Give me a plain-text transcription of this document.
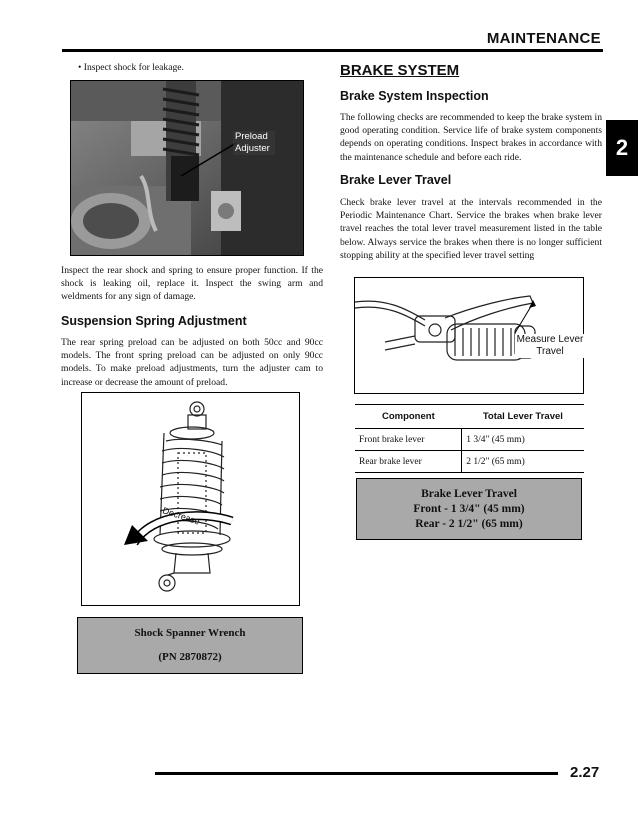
MAINTENANCE
2
• Inspect shock for leakage.
Preload Adjuster
Inspect the rear shock and spring to ensure proper function. If the shock is leaking oil, replace it. Inspect the swing arm and weldments for any sign of damage.
Suspension Spring Adjustment
The rear spring preload can be adjusted on both 50cc and 90cc models. The front spring preload can be adjusted on only 90cc models. To make preload adjustments, turn the adjuster cam to increase or decrease the amount of preload.
Decrease
Shock Spanner Wrench
(PN 2870872)
BRAKE SYSTEM
Brake System Inspection
The following checks are recommended to keep the brake system in good operating condition. Service life of brake system components depends on operating conditions. Inspect brakes in accordance with the maintenance schedule and before each ride.
Brake Lever Travel
Check brake lever travel at the intervals recommended in the Periodic Maintenance Chart. Service the brakes when brake lever travel reaches the total lever travel measurement listed in the table below. Always service the brakes when there is no longer sufficient stopping ability at the specified lever travel setting
Measure Lever Travel
Component	Total Lever Travel
Front brake lever	1 3/4" (45 mm)
Rear brake lever	2 1/2" (65 mm)
Brake Lever Travel
Front - 1 3/4" (45 mm)
Rear - 2 1/2" (65 mm)
2.27
